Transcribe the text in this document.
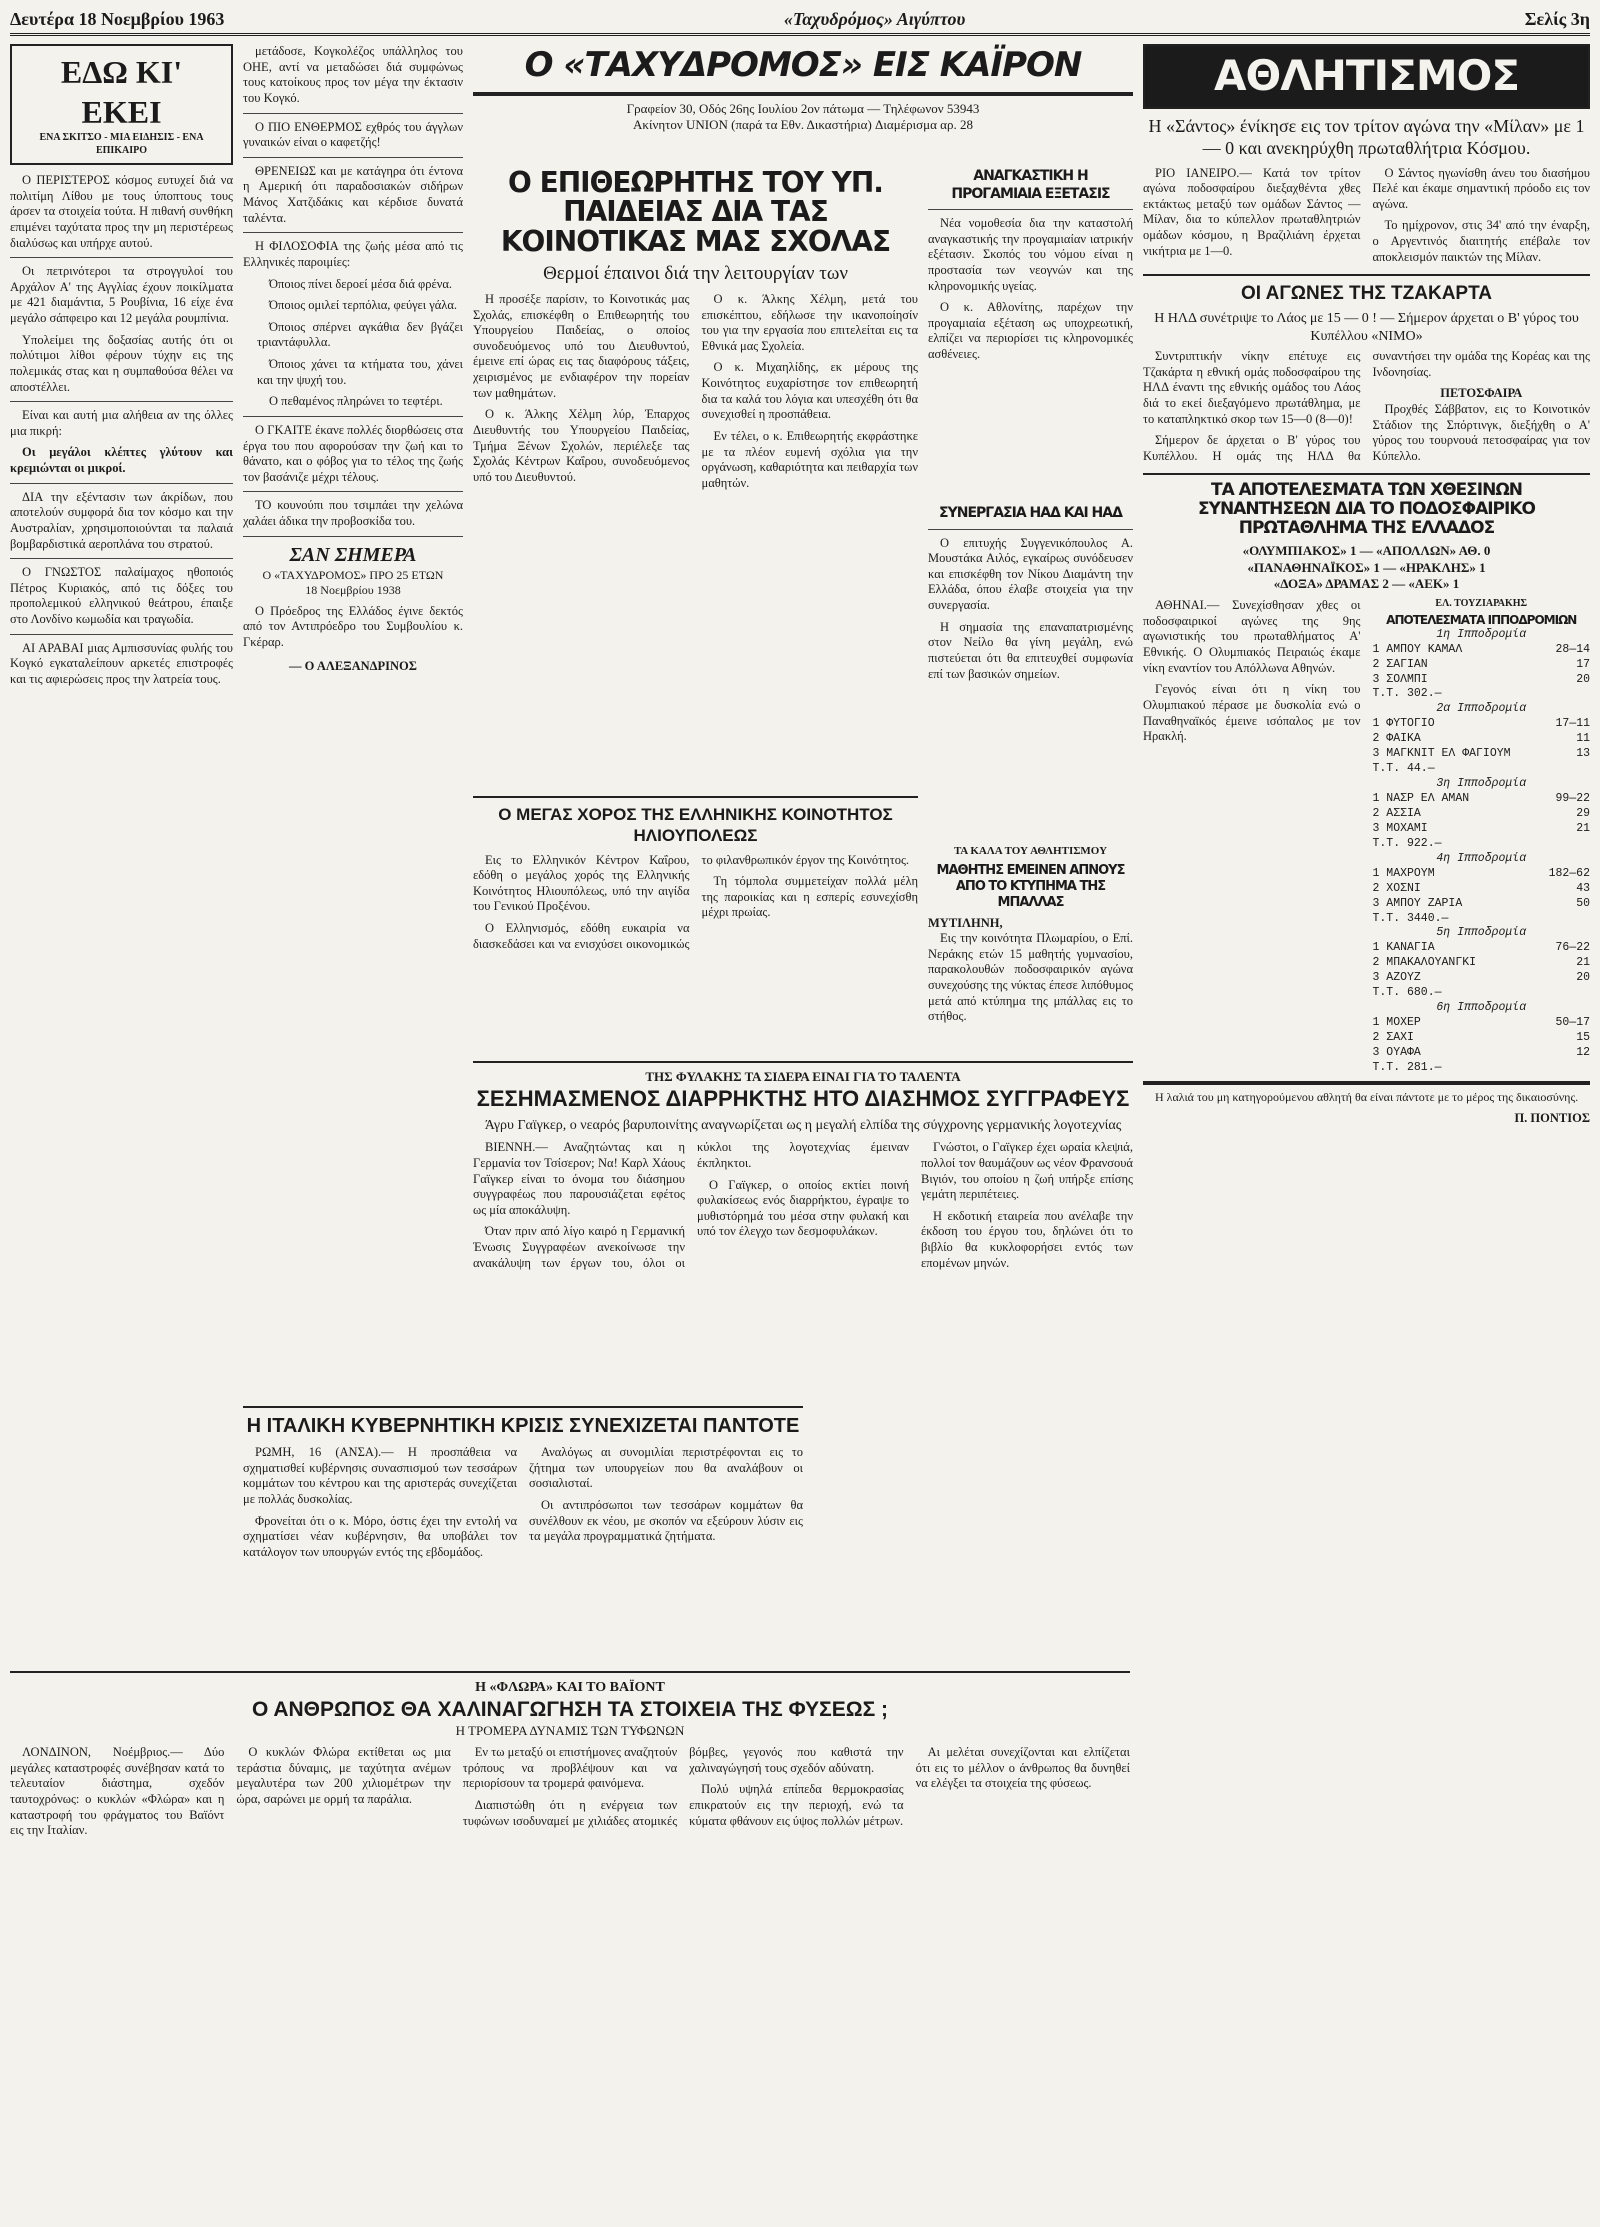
Δευτέρα 18 Νοεμβρίου 1963	«Ταχυδρόμος» Αιγύπτου	Σελίς 3η
ΕΔΩ ΚΙ' ΕΚΕΙ
ΕΝΑ ΣΚΙΤΣΟ - ΜΙΑ ΕΙΔΗΣΙΣ - ΕΝΑ ΕΠΙΚΑΙΡΟ

Ο ΠΕΡΙΣΤΕΡΟΣ κόσμος ευτυχεί διά να πολιτίμη Λίθου με τους ύποπτους τους άρσεν τα στοιχεία τούτα. Η πιθανή συνθήκη επιμένει ταχύτατα προς την μη περιστέρεως διαλύσως και υπήρχε αυτού.

Οι πετρινότεροι τα στρογγυλοί του Αρχάλον Α' της Αγγλίας έχουν ποικίλματα με 421 διαμάντια, 5 Ρουβίνια, 16 είχε ένα μεγάλο σάπφειρο και 12 μεγάλα ρουμπίνια.

Υπολείμει της δοξασίας αυτής ότι οι πολύτιμοι λίθοι φέρουν τύχην εις της πολεμικάς στας και η συμπαθούσα θέλει να αποστέλλει.

Είναι και αυτή μια αλήθεια αν της όλλες μια πικρή:

Οι μεγάλοι κλέπτες γλύτουν και κρεμιώνται οι μικροί.

ΔΙΑ την εξέντασιν των άκρίδων, που αποτελούν συμφορά δια τον κόσμο και την Αυστραλίαν, χρησιμοποιούνται τα παλαιά βομβαρδιστικά αεροπλάνα του στρατού.

Ο ΓΝΩΣΤΟΣ παλαίμαχος ηθοποιός Πέτρος Κυριακός, από τις δόξες του προπολεμικού ελληνικού θεάτρου, έπαιξε στο Λονδίνο κωμωδία και τραγωδία.

ΑΙ ΑΡΑΒΑΙ μιας Αμπισσυνίας φυλής του Κογκό εγκαταλείπουν αρκετές επιστροφές και τις αφιερώσεις προς την λατρεία τους.

μετάδοσε, Κογκολέζος υπάλληλος του ΟΗΕ, αντί να μεταδώσει διά συμφώνως τους κατοίκους προς τον μέγα την έκτασιν του Κογκό.

Ο ΠΙΟ ΕΝΘΕΡΜΟΣ εχθρός του άγγλων γυναικών είναι ο καφετζής!

ΘΡΕΝΕΙΩΣ και με κατάγηρα ότι έντονα η Αμερική ότι παραδοσιακών σιδήρων Μάνος Χατζιδάκις και κέρδισε δυνατά ταλέντα.

Η ΦΙΛΟΣΟΦΙΑ της ζωής μέσα από τις Ελληνικές παροιμίες:

Όποιος πίνει δεροεί μέσα διά φρένα.

Όποιος ομιλεί τερπόλια, φεύγει γάλα.

Όποιος σπέρνει αγκάθια δεν βγάζει τριαντάφυλλα.

Όποιος χάνει τα κτήματα του, χάνει και την ψυχή του.

Ο πεθαμένος πληρώνει το τεφτέρι.

Ο ΓΚΑΙΤΕ έκανε πολλές διορθώσεις στα έργα του που αφορούσαν την ζωή και το θάνατο, και ο φόβος για το τέλος της ζωής τον βασάνιζε μέχρι τέλους.

ΤΟ κουνούπι που τσιμπάει την χελώνα χαλάει άδικα την προβοσκίδα του.

ΣΑΝ ΣΗΜΕΡΑ
Ο «ΤΑΧΥΔΡΟΜΟΣ» ΠΡΟ 25 ΕΤΩΝ
18 Νοεμβρίου 1938

Ο Πρόεδρος της Ελλάδος έγινε δεκτός από τον Αντιπρόεδρο του Συμβουλίου κ. Γκέραρ.

— Ο ΑΛΕΞΑΝΔΡΙΝΟΣ
Ο «ΤΑΧΥΔΡΟΜΟΣ» ΕΙΣ ΚΑΪΡΟΝ
Γραφείον 30, Οδός 26ης Ιουλίου 2ον πάτωμα — Τηλέφωνον 53943
Ακίνητον UNION (παρά τα Εθν. Δικαστήρια) Διαμέρισμα αρ. 28
Ο ΕΠΙΘΕΩΡΗΤΗΣ ΤΟΥ ΥΠ. ΠΑΙΔΕΙΑΣ ΔΙΑ ΤΑΣ ΚΟΙΝΟΤΙΚΑΣ ΜΑΣ ΣΧΟΛΑΣ
Θερμοί έπαινοι διά την λειτουργίαν των

Η προσέξε παρίσιν, το Κοινοτικάς μας Σχολάς, επισκέφθη ο Επιθεωρητής του Υπουργείου Παιδείας, ο οποίος συνοδευόμενος υπό του Διευθυντού, έμεινε επί ώρας εις τας διαφόρους τάξεις, χειρισμένος με ενδιαφέρον την πορείαν των μαθημάτων.

Ο κ. Άλκης Χέλμη λύρ, Έπαρχος Διευθυντής του Υπουργείου Παιδείας, Τμήμα Ξένων Σχολών, περιέλεξε τας Σχολάς Κέντρων Καΐρου, συνοδευόμενος υπό του Διευθυντού.

Ο κ. Άλκης Χέλμη, μετά του επισκέπτου, εδήλωσε την ικανοποίησίν του για την εργασία που επιτελείται εις τα Εθνικά μας Σχολεία.

Ο κ. Μιχαηλίδης, εκ μέρους της Κοινότητος ευχαρίστησε τον επιθεωρητή δια τα καλά του λόγια και υπεσχέθη ότι θα συνεχισθεί η προσπάθεια.

Εν τέλει, ο κ. Επιθεωρητής εκφράστηκε με τα πλέον ευμενή σχόλια για την οργάνωση, καθαριότητα και πειθαρχία των μαθητών.

ΑΝΑΓΚΑΣΤΙΚΗ Η ΠΡΟΓΑΜΙΑΙΑ ΕΞΕΤΑΣΙΣ

Νέα νομοθεσία δια την καταστολή αναγκαστικής την προγαμιαίαν ιατρικήν εξέτασιν. Σκοπός του νόμου είναι η προστασία των νεογνών και της κληρονομικής υγείας.

Ο κ. Αθλονίτης, παρέχων την προγαμιαία εξέταση ως υποχρεωτική, ελπίζει να περιορίσει τις κληρονομικές ασθένειες.

ΣΥΝΕΡΓΑΣΙΑ ΗΑΔ ΚΑΙ ΗΑΔ

Ο επιτυχής Συγγενικόπουλος Α. Μουστάκα Αιλός, εγκαίρως συνόδευσεν και επισκέφθη τον Νίκου Διαμάντη την Ελλάδα, όπου έλαβε στοιχεία για την συνεργασία.

Η σημασία της επαναπατρισμένης στον Νείλο θα γίνη μεγάλη, ενώ πιστεύεται ότι θα επιτευχθεί συμφωνία επί των βασικών σημείων.

ΤΑ ΚΑΛΑ ΤΟΥ ΑΘΛΗΤΙΣΜΟΥ
ΜΑΘΗΤΗΣ ΕΜΕΙΝΕΝ ΑΠΝΟΥΣ ΑΠΟ ΤΟ ΚΤΥΠΗΜΑ ΤΗΣ ΜΠΑΛΛΑΣ
ΜΥΤΙΛΗΝΗ,

Εις την κοινότητα Πλωμαρίου, ο Επί. Νεράκης ετών 15 μαθητής γυμνασίου, παρακολουθών ποδοσφαιρικόν αγώνα συνεχούσης της νύκτας έπεσε λιπόθυμος μετά από κτύπημα της μπάλλας εις το στήθος.

Ο ΜΕΓΑΣ ΧΟΡΟΣ ΤΗΣ ΕΛΛΗΝΙΚΗΣ ΚΟΙΝΟΤΗΤΟΣ ΗΛΙΟΥΠΟΛΕΩΣ

Εις το Ελληνικόν Κέντρον Καΐρου, εδόθη ο μεγάλος χορός της Ελληνικής Κοινότητος Ηλιουπόλεως, υπό την αιγίδα του Γενικού Προξένου.

Ο Ελληνισμός, εδόθη ευκαιρία να διασκεδάσει και να ενισχύσει οικονομικώς το φιλανθρωπικόν έργον της Κοινότητος.

Τη τόμπολα συμμετείχαν πολλά μέλη της παροικίας και η εσπερίς εσυνεχίσθη μέχρι πρωίας.

ΤΗΣ ΦΥΛΑΚΗΣ ΤΑ ΣΙΔΕΡΑ ΕΙΝΑΙ ΓΙΑ ΤΟ ΤΑΛΕΝΤΑ
ΣΕΣΗΜΑΣΜΕΝΟΣ ΔΙΑΡΡΗΚΤΗΣ ΗΤΟ ΔΙΑΣΗΜΟΣ ΣΥΓΓΡΑΦΕΥΣ
Άγρυ Γαϊγκερ, ο νεαρός βαρυποινίτης αναγνωρίζεται ως η μεγαλή ελπίδα της σύγχρονης γερμανικής λογοτεχνίας

ΒΙΕΝΝΗ.— Αναζητώντας και η Γερμανία τον Τσίσερον; Να! Καρλ Χάους Γαϊγκερ είναι το όνομα του διάσημου συγγραφέως που παρουσιάζεται εφέτος ως μία αποκάλυψη.

Όταν πριν από λίγο καιρό η Γερμανική Ένωσις Συγγραφέων ανεκοίνωσε την ανακάλυψη των έργων του, όλοι οι κύκλοι της λογοτεχνίας έμειναν έκπληκτοι.

Ο Γαϊγκερ, ο οποίος εκτίει ποινή φυλακίσεως ενός διαρρήκτου, έγραψε το μυθιστόρημά του μέσα στην φυλακή και υπό τον έλεγχο των δεσμοφυλάκων.

Γνώστοι, ο Γαϊγκερ έχει ωραία κλεψιά, πολλοί τον θαυμάζουν ως νέον Φρανσουά Βιγιόν, του οποίου η ζωή υπήρξε επίσης γεμάτη περιπέτειες.

Η εκδοτική εταιρεία που ανέλαβε την έκδοση του έργου του, δηλώνει ότι το βιβλίο θα κυκλοφορήσει εντός των επομένων μηνών.

Η ΙΤΑΛΙΚΗ ΚΥΒΕΡΝΗΤΙΚΗ ΚΡΙΣΙΣ ΣΥΝΕΧΙΖΕΤΑΙ ΠΑΝΤΟΤΕ

ΡΩΜΗ, 16 (ΑΝΣΑ).— Η προσπάθεια να σχηματισθεί κυβέρνησις συνασπισμού των τεσσάρων κομμάτων του κέντρου και της αριστεράς συνεχίζεται με πολλάς δυσκολίας.

Φρονείται ότι ο κ. Μόρο, όστις έχει την εντολή να σχηματίσει νέαν κυβέρνησιν, θα υποβάλει τον κατάλογον των υπουργών εντός της εβδομάδος.

Αναλόγως αι συνομιλίαι περιστρέφονται εις το ζήτημα των υπουργείων που θα αναλάβουν οι σοσιαλισταί.

Οι αντιπρόσωποι των τεσσάρων κομμάτων θα συνέλθουν εκ νέου, με σκοπόν να εξεύρουν λύσιν εις τα μεγάλα προγραμματικά ζητήματα.

Η «ΦΛΩΡΑ» ΚΑΙ ΤΟ ΒΑΪΟΝΤ
Ο ΑΝΘΡΩΠΟΣ ΘΑ ΧΑΛΙΝΑΓΩΓΗΣΗ ΤΑ ΣΤΟΙΧΕΙΑ ΤΗΣ ΦΥΣΕΩΣ ;
Η ΤΡΟΜΕΡΑ ΔΥΝΑΜΙΣ ΤΩΝ ΤΥΦΩΝΩΝ

ΛΟΝΔΙΝΟΝ, Νοέμβριος.— Δύο μεγάλες καταστροφές συνέβησαν κατά το τελευταίον διάστημα, σχεδόν ταυτοχρόνως: ο κυκλών «Φλώρα» και η καταστροφή του φράγματος του Βαϊόντ εις την Ιταλίαν.

Ο κυκλών Φλώρα εκτίθεται ως μια τεράστια δύναμις, με ταχύτητα ανέμων μεγαλυτέρα των 200 χιλιομέτρων την ώρα, σαρώνει με ορμή τα παράλια.

Εν τω μεταξύ οι επιστήμονες αναζητούν τρόπους να προβλέψουν και να περιορίσουν τα τρομερά φαινόμενα.

Διαπιστώθη ότι η ενέργεια των τυφώνων ισοδυναμεί με χιλιάδες ατομικές βόμβες, γεγονός που καθιστά την χαλιναγώγησή τους σχεδόν αδύνατη.

Πολύ υψηλά επίπεδα θερμοκρασίας επικρατούν εις την περιοχή, ενώ τα κύματα φθάνουν εις ύψος πολλών μέτρων.

Αι μελέται συνεχίζονται και ελπίζεται ότι εις το μέλλον ο άνθρωπος θα δυνηθεί να ελέγξει τα στοιχεία της φύσεως.

ΑΘΛΗΤΙΣΜΟΣ
Η «Σάντος» ένίκησε εις τον τρίτον αγώνα την «Μίλαν» με 1 — 0 και ανεκηρύχθη πρωταθλήτρια Κόσμου.

ΡΙΟ ΙΑΝΕΙΡΟ.— Κατά τον τρίτον αγώνα ποδοσφαίρου διεξαχθέντα χθες εκτάκτως μεταξύ των ομάδων Σάντος — Μίλαν, δια το κύπελλον πρωταθλητριών ομάδων κόσμου, η Βραζιλιάνη έρχεται νικήτρια με 1—0.

Ο Σάντος ηγωνίσθη άνευ του διασήμου Πελέ και έκαμε σημαντική πρόοδο εις τον αγώνα.

Το ημίχρονον, στις 34' από την έναρξη, ο Αργεντινός διαιτητής επέβαλε τον αποκλεισμόν παικτών της Μίλαν.

ΟΙ ΑΓΩΝΕΣ ΤΗΣ ΤΖΑΚΑΡΤΑ
Η ΗΛΔ συνέτριψε το Λάος με 15 — 0 ! — Σήμερον άρχεται ο Β' γύρος του Κυπέλλου «ΝΙΜΟ»

Συντριπτικήν νίκην επέτυχε εις Τζακάρτα η εθνική ομάς ποδοσφαίρου της ΗΛΔ έναντι της εθνικής ομάδος του Λάος διά το εκεί διεξαγόμενο πρωτάθλημα, με το καταπληκτικό σκορ των 15—0 (8—0)!

Σήμερον δε άρχεται ο Β' γύρος του Κυπέλλου. Η ομάς της ΗΛΔ θα συναντήσει την ομάδα της Κορέας και της Ινδονησίας.

ΠΕΤΟΣΦΑΙΡΑ

Προχθές Σάββατον, εις το Κοινοτικόν Στάδιον της Σπόρτινγκ, διεξήχθη ο Α' γύρος του τουρνουά πετοσφαίρας για τον Κύπελλο.

ΤΑ ΑΠΟΤΕΛΕΣΜΑΤΑ ΤΩΝ ΧΘΕΣΙΝΩΝ ΣΥΝΑΝΤΗΣΕΩΝ ΔΙΑ ΤΟ ΠΟΔΟΣΦΑΙΡΙΚΟ ΠΡΩΤΑΘΛΗΜΑ ΤΗΣ ΕΛΛΑΔΟΣ
«ΟΛΥΜΠΙΑΚΟΣ» 1 — «ΑΠΟΛΛΩΝ» ΑΘ. 0
«ΠΑΝΑΘΗΝΑΪΚΟΣ» 1 — «ΗΡΑΚΛΗΣ» 1
«ΔΟΞΑ» ΔΡΑΜΑΣ 2 — «ΑΕΚ» 1

ΑΘΗΝΑΙ.— Συνεχίσθησαν χθες οι ποδοσφαιρικοί αγώνες της 9ης αγωνιστικής του πρωταθλήματος Α' Εθνικής. Ο Ολυμπιακός Πειραιώς έκαμε νίκη εναντίον του Απόλλωνα Αθηνών.

Γεγονός είναι ότι η νίκη του Ολυμπιακού πέρασε με δυσκολία ενώ ο Παναθηναϊκός έμεινε ισόπαλος με τον Ηρακλή.

ΕΛ. ΤΟΥΖΙΑΡΑΚΗΣ
ΑΠΟΤΕΛΕΣΜΑΤΑ ΙΠΠΟΔΡΟΜΙΩΝ
1η Ιπποδρομία
1 ΑΜΠΟΥ ΚΑΜΑΛ	28—14
2 ΣΑΓΙΑΝ	17
3 ΣΟΛΜΠΙ	20
Τ.Τ. 302.—
2α Ιπποδρομία
1 ΦΥΤΟΓΙΟ	17—11
2 ΦΑΙΚΑ	11
3 ΜΑΓΚΝΙΤ ΕΛ ΦΑΓΙΟΥΜ	13
Τ.Τ. 44.—
3η Ιπποδρομία
1 ΝΑΣΡ ΕΛ ΑΜΑΝ	99—22
2 ΑΣΣΙΑ	29
3 ΜΟΧΑΜΙ	21
Τ.Τ. 922.—
4η Ιπποδρομία
1 ΜΑΧΡΟΥΜ	182—62
2 ΧΟΣΝΙ	43
3 ΑΜΠΟΥ ΖΑΡΙΑ	50
Τ.Τ. 3440.—
5η Ιπποδρομία
1 ΚΑΝΑΓΙΑ	76—22
2 ΜΠΑΚΑΛΟΥΑΝΓΚΙ	21
3 ΑΖΟΥΖ	20
Τ.Τ. 680.—
6η Ιπποδρομία
1 ΜΟΧΕΡ	50—17
2 ΣΑΧΙ	15
3 ΟΥΑΦΑ	12
Τ.Τ. 281.—

Η λαλιά του μη κατηγορούμενου αθλητή θα είναι πάντοτε με το μέρος της δικαιοσύνης.

Π. ΠΟΝΤΙΟΣ
